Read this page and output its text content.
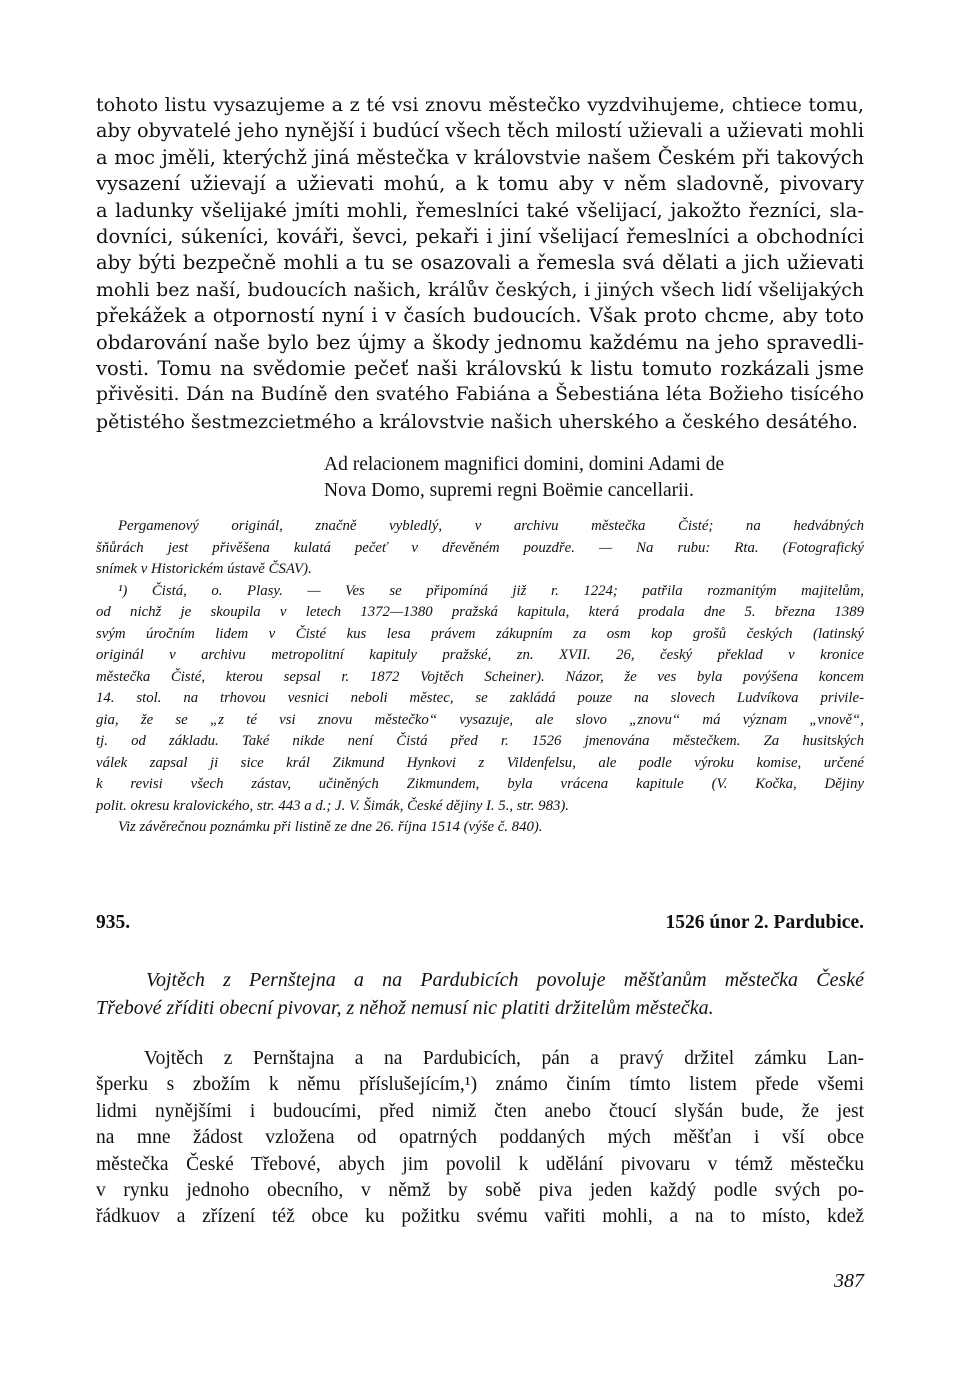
tohoto listu vysazujeme a z té vsi znovu městečko vyzdvihujeme, chtiece tomu,
aby obyvatelé jeho nynější i budúcí všech těch milostí užievali a užievati mohli
a moc jměli, kterýchž jiná městečka v královstvie našem Českém při takových
vysazení užievají a užievati mohú, a k tomu aby v něm sladovně, pivovary
a ladunky všelijaké jmíti mohli, řemeslníci také všelijací, jakožto řezníci, sla-
dovníci, súkeníci, kováři, ševci, pekaři i jiní všelijací řemeslníci a obchodníci
aby býti bezpečně mohli a tu se osazovali a řemesla svá dělati a jich užievati
mohli bez naší, budoucích našich, králův českých, i jiných všech lidí všelijakých
překážek a otporností nyní i v časích budoucích. Však proto chcme, aby toto
obdarování naše bylo bez újmy a škody jednomu každému na jeho spravedli-
vosti. Tomu na svědomie pečeť naši královskú k listu tomuto rozkázali jsme
přivěsiti. Dán na Budíně den svatého Fabiána a Šebestiána léta Božieho tisícého
pětistého šestmezcietmého a královstvie našich uherského a českého desátého.
Ad relacionem magnifici domini, domini Adami de
Nova Domo, supremi regni Boëmie cancellarii.
Pergamenový originál, značně vybledlý, v archivu městečka Čisté; na hedvábných
šňůrách jest přivěšena kulatá pečeť v dřevěném pouzdře. — Na rubu: Rta. (Fotografický
snímek v Historickém ústavě ČSAV).
¹) Čistá, o. Plasy. — Ves se připomíná již r. 1224; patřila rozmanitým majitelům,
od nichž je skoupila v letech 1372—1380 pražská kapitula, která prodala dne 5. března 1389
svým úročním lidem v Čisté kus lesa právem zákupním za osm kop grošů českých (latinský
originál v archivu metropolitní kapituly pražské, zn. XVII. 26, český překlad v kronice
městečka Čisté, kterou sepsal r. 1872 Vojtěch Scheiner). Názor, že ves byla povýšena koncem
14. stol. na trhovou vesnici neboli městec, se zakládá pouze na slovech Ludvíkova privile-
gia, že se „z té vsi znovu městečko“ vysazuje, ale slovo „znovu“ má význam „vnově“,
tj. od základu. Také nikde není Čistá před r. 1526 jmenována městečkem. Za husitských
válek zapsal ji sice král Zikmund Hynkovi z Vildenfelsu, ale podle výroku komise, určené
k revisi všech zástav, učiněných Zikmundem, byla vrácena kapitule (V. Kočka, Dějiny
polit. okresu kralovického, str. 443 a d.; J. V. Šimák, České dějiny I. 5., str. 983).
Viz závěrečnou poznámku při listině ze dne 26. října 1514 (výše č. 840).
935.	1526 únor 2. Pardubice.
Vojtěch z Pernštejna a na Pardubicích povoluje měšťanům městečka České
Třebové zříditi obecní pivovar, z něhož nemusí nic platiti držitelům městečka.
Vojtěch z Pernštajna a na Pardubicích, pán a pravý držitel zámku Lan-
šperku s zbožím k němu příslušejícím,¹) známo činím tímto listem přede všemi
lidmi nynějšími i budoucími, před nimiž čten anebo čtoucí slyšán bude, že jest
na mne žádost vzložena od opatrných poddaných mých měšťan i vší obce
městečka České Třebové, abych jim povolil k udělání pivovaru v témž městečku
v rynku jednoho obecního, v němž by sobě piva jeden každý podle svých po-
řádkuov a zřízení též obce ku požitku svému vařiti mohli, a na to místo, kdež
387
